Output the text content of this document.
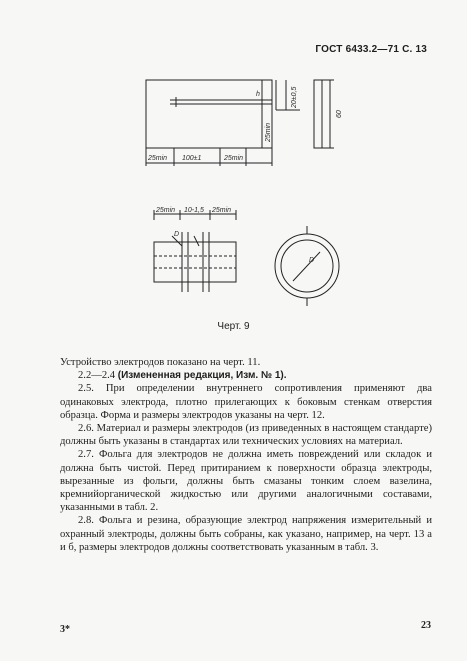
ГОСТ 6433.2—71 С. 13
25min 100±1	25min
25min
20±0,5
h
60
25min 10-1,5 25min
D
D
Черт. 9

Устройство электродов показано на черт. 11.

2.2—2.4 (Измененная редакция, Изм. № 1).

2.5. При определении внутреннего сопротивления применяют два одинаковых электрода, плотно прилегающих к боковым стенкам отверстия образца. Форма и размеры электродов указаны на черт. 12.

2.6. Материал и размеры электродов (из приведенных в настоящем стандарте) должны быть указаны в стандартах или технических условиях на материал.

2.7. Фольга для электродов не должна иметь повреждений или складок и должна быть чистой. Перед притиранием к поверхности образца электроды, вырезанные из фольги, должны быть смазаны тонким слоем вазелина, кремнийорганической жидкостью или другими аналогичными составами, указанными в табл. 2.

2.8. Фольга и резина, образующие электрод напряжения измерительный и охранный электроды, должны быть собраны, как указано, например, на черт. 13 а и б, размеры электродов должны соответствовать указанным в табл. 3.

3*	23
